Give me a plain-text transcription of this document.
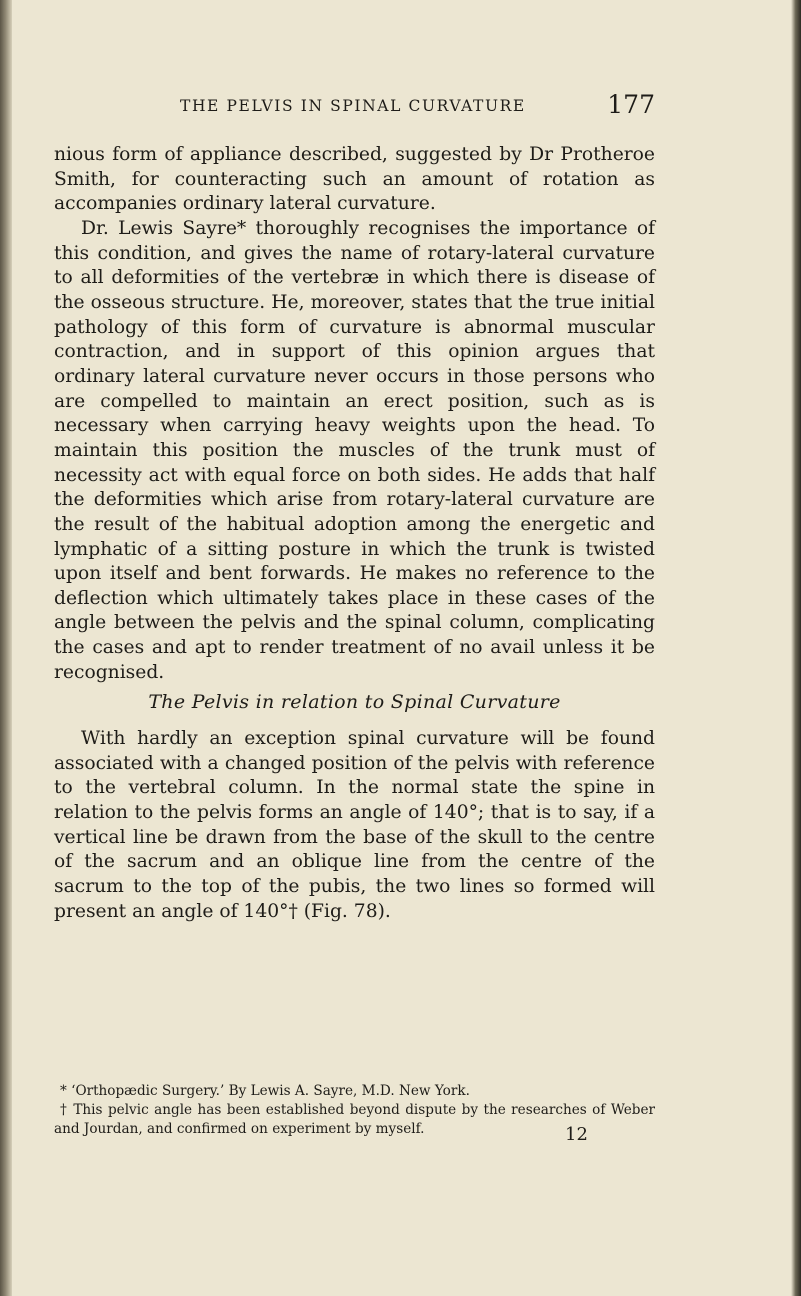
THE PELVIS IN SPINAL CURVATURE	177

nious form of appliance described, suggested by Dr Protheroe Smith, for counteracting such an amount of rotation as accompanies ordinary lateral curvature.

Dr. Lewis Sayre* thoroughly recognises the importance of this condition, and gives the name of rotary-lateral curvature to all deformities of the vertebræ in which there is disease of the osseous structure. He, moreover, states that the true initial pathology of this form of curvature is abnormal muscular contraction, and in support of this opinion argues that ordinary lateral curvature never occurs in those persons who are compelled to maintain an erect position, such as is necessary when carrying heavy weights upon the head. To maintain this position the muscles of the trunk must of necessity act with equal force on both sides. He adds that half the deformities which arise from rotary-lateral curvature are the result of the habitual adoption among the energetic and lymphatic of a sitting posture in which the trunk is twisted upon itself and bent forwards. He makes no reference to the deflection which ultimately takes place in these cases of the angle between the pelvis and the spinal column, complicating the cases and apt to render treatment of no avail unless it be recognised.

The Pelvis in relation to Spinal Curvature

With hardly an exception spinal curvature will be found associated with a changed position of the pelvis with reference to the vertebral column. In the normal state the spine in relation to the pelvis forms an angle of 140°; that is to say, if a vertical line be drawn from the base of the skull to the centre of the sacrum and an oblique line from the centre of the sacrum to the top of the pubis, the two lines so formed will present an angle of 140°† (Fig. 78).

* ‘Orthopædic Surgery.’ By Lewis A. Sayre, M.D. New York.

† This pelvic angle has been established beyond dispute by the researches of Weber and Jourdan, and confirmed on experiment by myself.	12
